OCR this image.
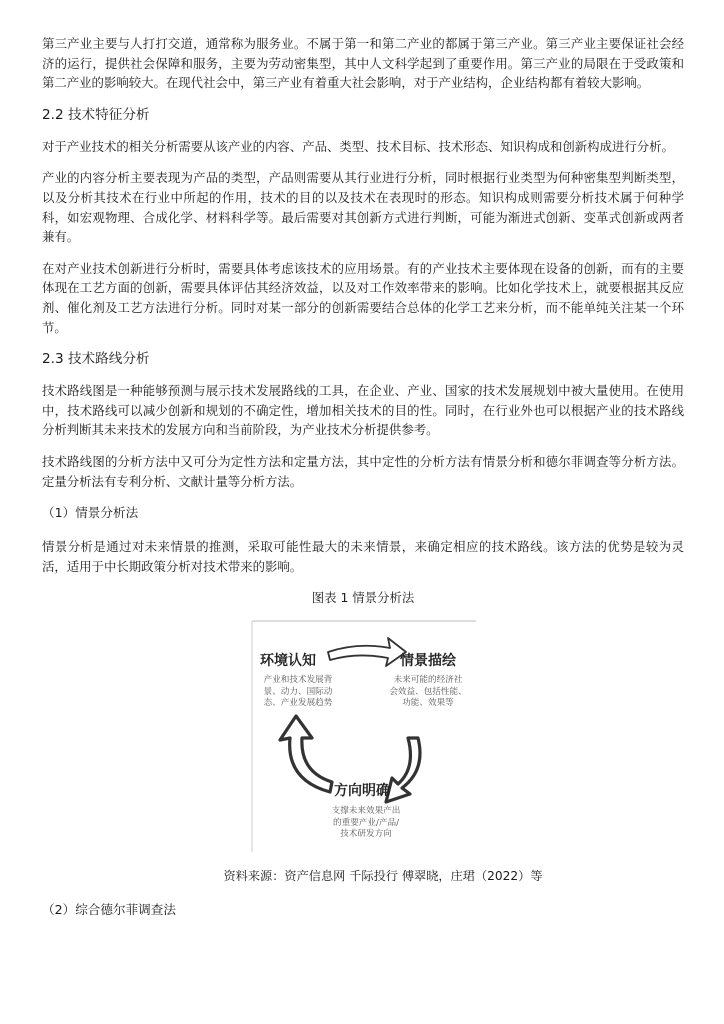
第三产业主要与人打打交道，通常称为服务业。不属于第一和第二产业的都属于第三产业。第三产业主要保证社会经济的运行，提供社会保障和服务，主要为劳动密集型，其中人文科学起到了重要作用。第三产业的局限在于受政策和第二产业的影响较大。在现代社会中，第三产业有着重大社会影响，对于产业结构，企业结构都有着较大影响。

2.2 技术特征分析

对于产业技术的相关分析需要从该产业的内容、产品、类型、技术目标、技术形态、知识构成和创新构成进行分析。

产业的内容分析主要表现为产品的类型，产品则需要从其行业进行分析，同时根据行业类型为何种密集型判断类型，以及分析其技术在行业中所起的作用，技术的目的以及技术在表现时的形态。知识构成则需要分析技术属于何种学科，如宏观物理、合成化学、材料科学等。最后需要对其创新方式进行判断，可能为渐进式创新、变革式创新或两者兼有。

在对产业技术创新进行分析时，需要具体考虑该技术的应用场景。有的产业技术主要体现在设备的创新，而有的主要体现在工艺方面的创新，需要具体评估其经济效益，以及对工作效率带来的影响。比如化学技术上，就要根据其反应剂、催化剂及工艺方法进行分析。同时对某一部分的创新需要结合总体的化学工艺来分析，而不能单纯关注某一个环节。

2.3 技术路线分析

技术路线图是一种能够预测与展示技术发展路线的工具，在企业、产业、国家的技术发展规划中被大量使用。在使用中，技术路线可以减少创新和规划的不确定性，增加相关技术的目的性。同时，在行业外也可以根据产业的技术路线分析判断其未来技术的发展方向和当前阶段，为产业技术分析提供参考。

技术路线图的分析方法中又可分为定性方法和定量方法，其中定性的分析方法有情景分析和德尔菲调查等分析方法。定量分析法有专利分析、文献计量等分析方法。

（1）情景分析法

情景分析是通过对未来情景的推测，采取可能性最大的未来情景，来确定相应的技术路线。该方法的优势是较为灵活，适用于中长期政策分析对技术带来的影响。

图表 1 情景分析法
环境认知
产业和技术发展背
景、动力、国际动
态、产业发展趋势
情景描绘
未来可能的经济社
会效益、包括性能、
功能、效果等
方向明确
支撑未来效果产出
的重要产业/产品/
技术研发方向
资料来源：资产信息网 千际投行 傅翠晓，庄珺（2022）等
（2）综合德尔菲调查法
